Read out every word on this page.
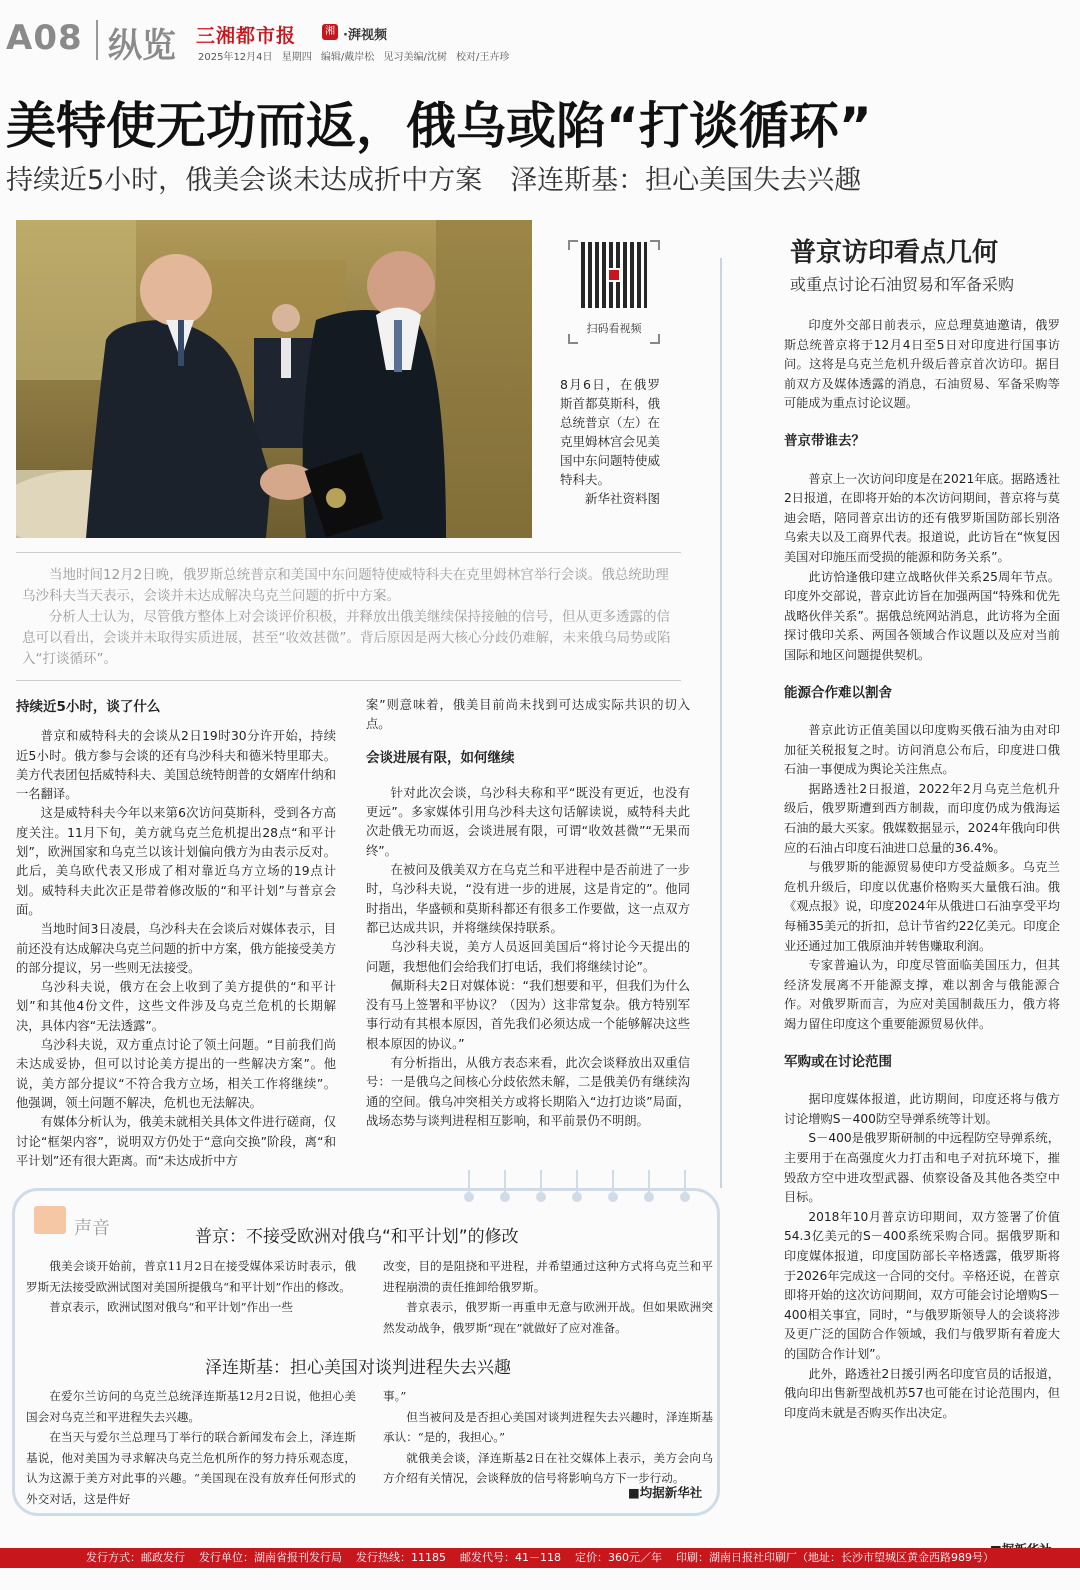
A08 纵览 三湘都市报	湘 ·湃视频
2025年12月4日 星期四 编辑/戴岸松 见习美编/沈树 校对/王卉珍
美特使无功而返，俄乌或陷“打谈循环”
持续近5小时，俄美会谈未达成折中方案 泽连斯基：担心美国失去兴趣
扫码看视频
8月6日，在俄罗斯首都莫斯科，俄总统普京（左）在克里姆林宫会见美国中东问题特使威特科夫。
新华社资料图

当地时间12月2日晚，俄罗斯总统普京和美国中东问题特使威特科夫在克里姆林宫举行会谈。俄总统助理乌沙科夫当天表示，会谈并未达成解决乌克兰问题的折中方案。

分析人士认为，尽管俄方整体上对会谈评价积极，并释放出俄美继续保持接触的信号，但从更多透露的信息可以看出，会谈并未取得实质进展，甚至“收效甚微”。背后原因是两大核心分歧仍难解，未来俄乌局势或陷入“打谈循环”。

持续近5小时，谈了什么

普京和威特科夫的会谈从2日19时30分许开始，持续近5小时。俄方参与会谈的还有乌沙科夫和德米特里耶夫。美方代表团包括威特科夫、美国总统特朗普的女婿库什纳和一名翻译。

这是威特科夫今年以来第6次访问莫斯科，受到各方高度关注。11月下旬，美方就乌克兰危机提出28点“和平计划”，欧洲国家和乌克兰以该计划偏向俄方为由表示反对。此后，美乌欧代表又形成了相对靠近乌方立场的19点计划。威特科夫此次正是带着修改版的“和平计划”与普京会面。

当地时间3日凌晨，乌沙科夫在会谈后对媒体表示，目前还没有达成解决乌克兰问题的折中方案，俄方能接受美方的部分提议，另一些则无法接受。

乌沙科夫说，俄方在会上收到了美方提供的“和平计划”和其他4份文件，这些文件涉及乌克兰危机的长期解决，具体内容“无法透露”。

乌沙科夫说，双方重点讨论了领土问题。“目前我们尚未达成妥协，但可以讨论美方提出的一些解决方案”。他说，美方部分提议“不符合我方立场，相关工作将继续”。他强调，领土问题不解决，危机也无法解决。

有媒体分析认为，俄美未就相关具体文件进行磋商，仅讨论“框架内容”，说明双方仍处于“意向交换”阶段，离“和平计划”还有很大距离。而“未达成折中方

案”则意味着，俄美目前尚未找到可达成实际共识的切入点。

会谈进展有限，如何继续

针对此次会谈，乌沙科夫称和平“既没有更近，也没有更远”。多家媒体引用乌沙科夫这句话解读说，威特科夫此次赴俄无功而返，会谈进展有限，可谓“收效甚微”“无果而终”。

在被问及俄美双方在乌克兰和平进程中是否前进了一步时，乌沙科夫说，“没有进一步的进展，这是肯定的”。他同时指出，华盛顿和莫斯科都还有很多工作要做，这一点双方都已达成共识，并将继续保持联系。

乌沙科夫说，美方人员返回美国后“将讨论今天提出的问题，我想他们会给我们打电话，我们将继续讨论”。

佩斯科夫2日对媒体说：“我们想要和平，但我们为什么没有马上签署和平协议？（因为）这非常复杂。俄方特别军事行动有其根本原因，首先我们必须达成一个能够解决这些根本原因的协议。”

有分析指出，从俄方表态来看，此次会谈释放出双重信号：一是俄乌之间核心分歧依然未解，二是俄美仍有继续沟通的空间。俄乌冲突相关方或将长期陷入“边打边谈”局面，战场态势与谈判进程相互影响，和平前景仍不明朗。

普京访印看点几何
或重点讨论石油贸易和军备采购

印度外交部日前表示，应总理莫迪邀请，俄罗斯总统普京将于12月4日至5日对印度进行国事访问。这将是乌克兰危机升级后普京首次访印。据目前双方及媒体透露的消息，石油贸易、军备采购等可能成为重点讨论议题。

普京带谁去？

普京上一次访问印度是在2021年底。据路透社2日报道，在即将开始的本次访问期间，普京将与莫迪会晤，陪同普京出访的还有俄罗斯国防部长别洛乌索夫以及工商界代表。报道说，此访旨在“恢复因美国对印施压而受损的能源和防务关系”。

此访恰逢俄印建立战略伙伴关系25周年节点。印度外交部说，普京此访旨在加强两国“特殊和优先战略伙伴关系”。据俄总统网站消息，此访将为全面探讨俄印关系、两国各领域合作议题以及应对当前国际和地区问题提供契机。

能源合作难以割舍

普京此访正值美国以印度购买俄石油为由对印加征关税报复之时。访问消息公布后，印度进口俄石油一事便成为舆论关注焦点。

据路透社2日报道，2022年2月乌克兰危机升级后，俄罗斯遭到西方制裁，而印度仍成为俄海运石油的最大买家。俄媒数据显示，2024年俄向印供应的石油占印度石油进口总量的36.4%。

与俄罗斯的能源贸易使印方受益颇多。乌克兰危机升级后，印度以优惠价格购买大量俄石油。俄《观点报》说，印度2024年从俄进口石油享受平均每桶35美元的折扣，总计节省约22亿美元。印度企业还通过加工俄原油并转售赚取利润。

专家普遍认为，印度尽管面临美国压力，但其经济发展离不开能源支撑，难以割舍与俄能源合作。对俄罗斯而言，为应对美国制裁压力，俄方将竭力留住印度这个重要能源贸易伙伴。

军购或在讨论范围

据印度媒体报道，此访期间，印度还将与俄方讨论增购S－400防空导弹系统等计划。

S－400是俄罗斯研制的中远程防空导弹系统，主要用于在高强度火力打击和电子对抗环境下，摧毁敌方空中进攻型武器、侦察设备及其他各类空中目标。

2018年10月普京访印期间，双方签署了价值54.3亿美元的S－400系统采购合同。据俄罗斯和印度媒体报道，印度国防部长辛格透露，俄罗斯将于2026年完成这一合同的交付。辛格还说，在普京即将开始的这次访问期间，双方可能会讨论增购S－400相关事宜，同时，“与俄罗斯领导人的会谈将涉及更广泛的国防合作领域，我们与俄罗斯有着庞大的国防合作计划”。

此外，路透社2日援引两名印度官员的话报道，俄向印出售新型战机苏57也可能在讨论范围内，但印度尚未就是否购买作出决定。

声音	普京：不接受欧洲对俄乌“和平计划”的修改

俄美会谈开始前，普京11月2日在接受媒体采访时表示，俄罗斯无法接受欧洲试图对美国所提俄乌“和平计划”作出的修改。

普京表示，欧洲试图对俄乌“和平计划”作出一些

改变，目的是阻挠和平进程，并希望通过这种方式将乌克兰和平进程崩溃的责任推卸给俄罗斯。

普京表示，俄罗斯一再重申无意与欧洲开战。但如果欧洲突然发动战争，俄罗斯“现在”就做好了应对准备。

泽连斯基：担心美国对谈判进程失去兴趣

在爱尔兰访问的乌克兰总统泽连斯基12月2日说，他担心美国会对乌克兰和平进程失去兴趣。

在当天与爱尔兰总理马丁举行的联合新闻发布会上，泽连斯基说，他对美国为寻求解决乌克兰危机所作的努力持乐观态度，认为这源于美方对此事的兴趣。“美国现在没有放弃任何形式的外交对话，这是件好

事。”

但当被问及是否担心美国对谈判进程失去兴趣时，泽连斯基承认：“是的，我担心。”

就俄美会谈，泽连斯基2日在社交媒体上表示，美方会向乌方介绍有关情况，会谈释放的信号将影响乌方下一步行动。

■均据新华社
发行方式：邮政发行 发行单位：湖南省报刊发行局 发行热线：11185 邮发代号：41－118 定价：360元／年 印刷：湖南日报社印刷厂（地址：长沙市望城区黄金西路989号）
